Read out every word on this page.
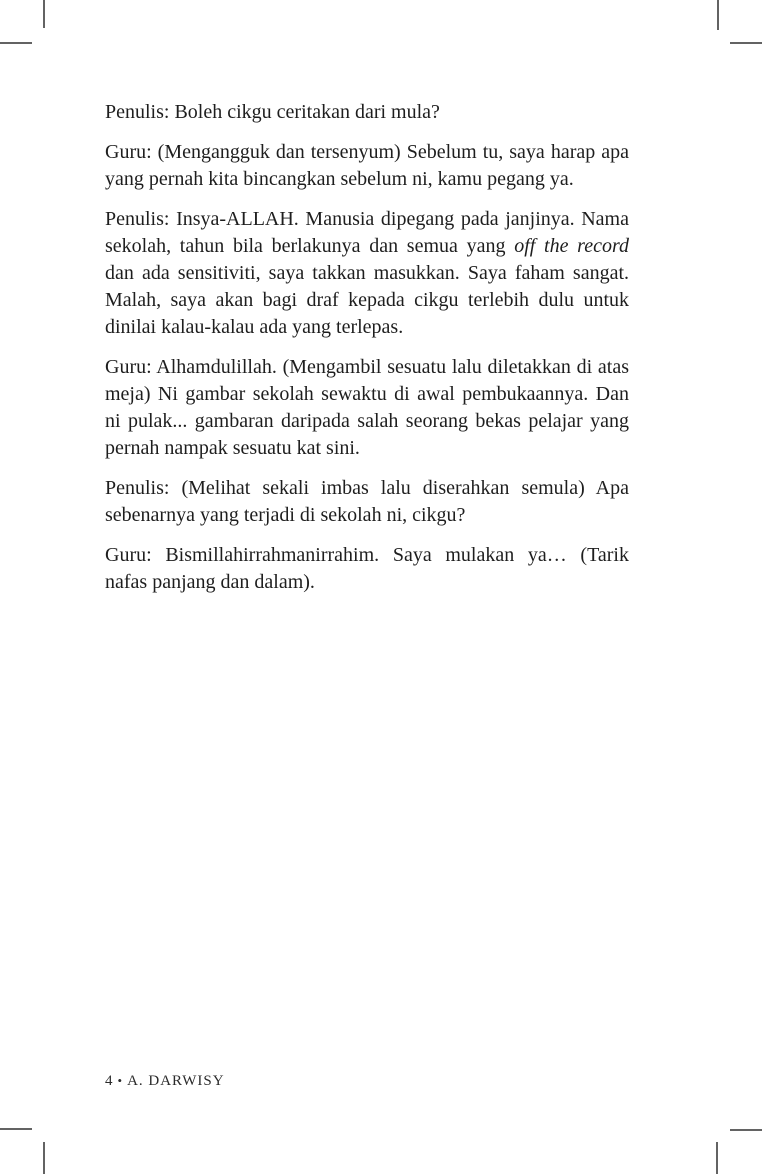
Penulis: Boleh cikgu ceritakan dari mula?

Guru: (Mengangguk dan tersenyum) Sebelum tu, saya harap apa yang pernah kita bincangkan sebelum ni, kamu pegang ya.

Penulis: Insya-ALLAH. Manusia dipegang pada janjinya. Nama sekolah, tahun bila berlakunya dan semua yang off the record dan ada sensitiviti, saya takkan masukkan. Saya faham sangat. Malah, saya akan bagi draf kepada cikgu terlebih dulu untuk dinilai kalau-kalau ada yang terlepas.

Guru: Alhamdulillah. (Mengambil sesuatu lalu diletakkan di atas meja) Ni gambar sekolah sewaktu di awal pembukaannya. Dan ni pulak... gambaran daripada salah seorang bekas pelajar yang pernah nampak sesuatu kat sini.

Penulis: (Melihat sekali imbas lalu diserahkan semula) Apa sebenarnya yang terjadi di sekolah ni, cikgu?

Guru: Bismillahirrahmanirrahim. Saya mulakan ya… (Tarik nafas panjang dan dalam).

4 • A. DARWISY
